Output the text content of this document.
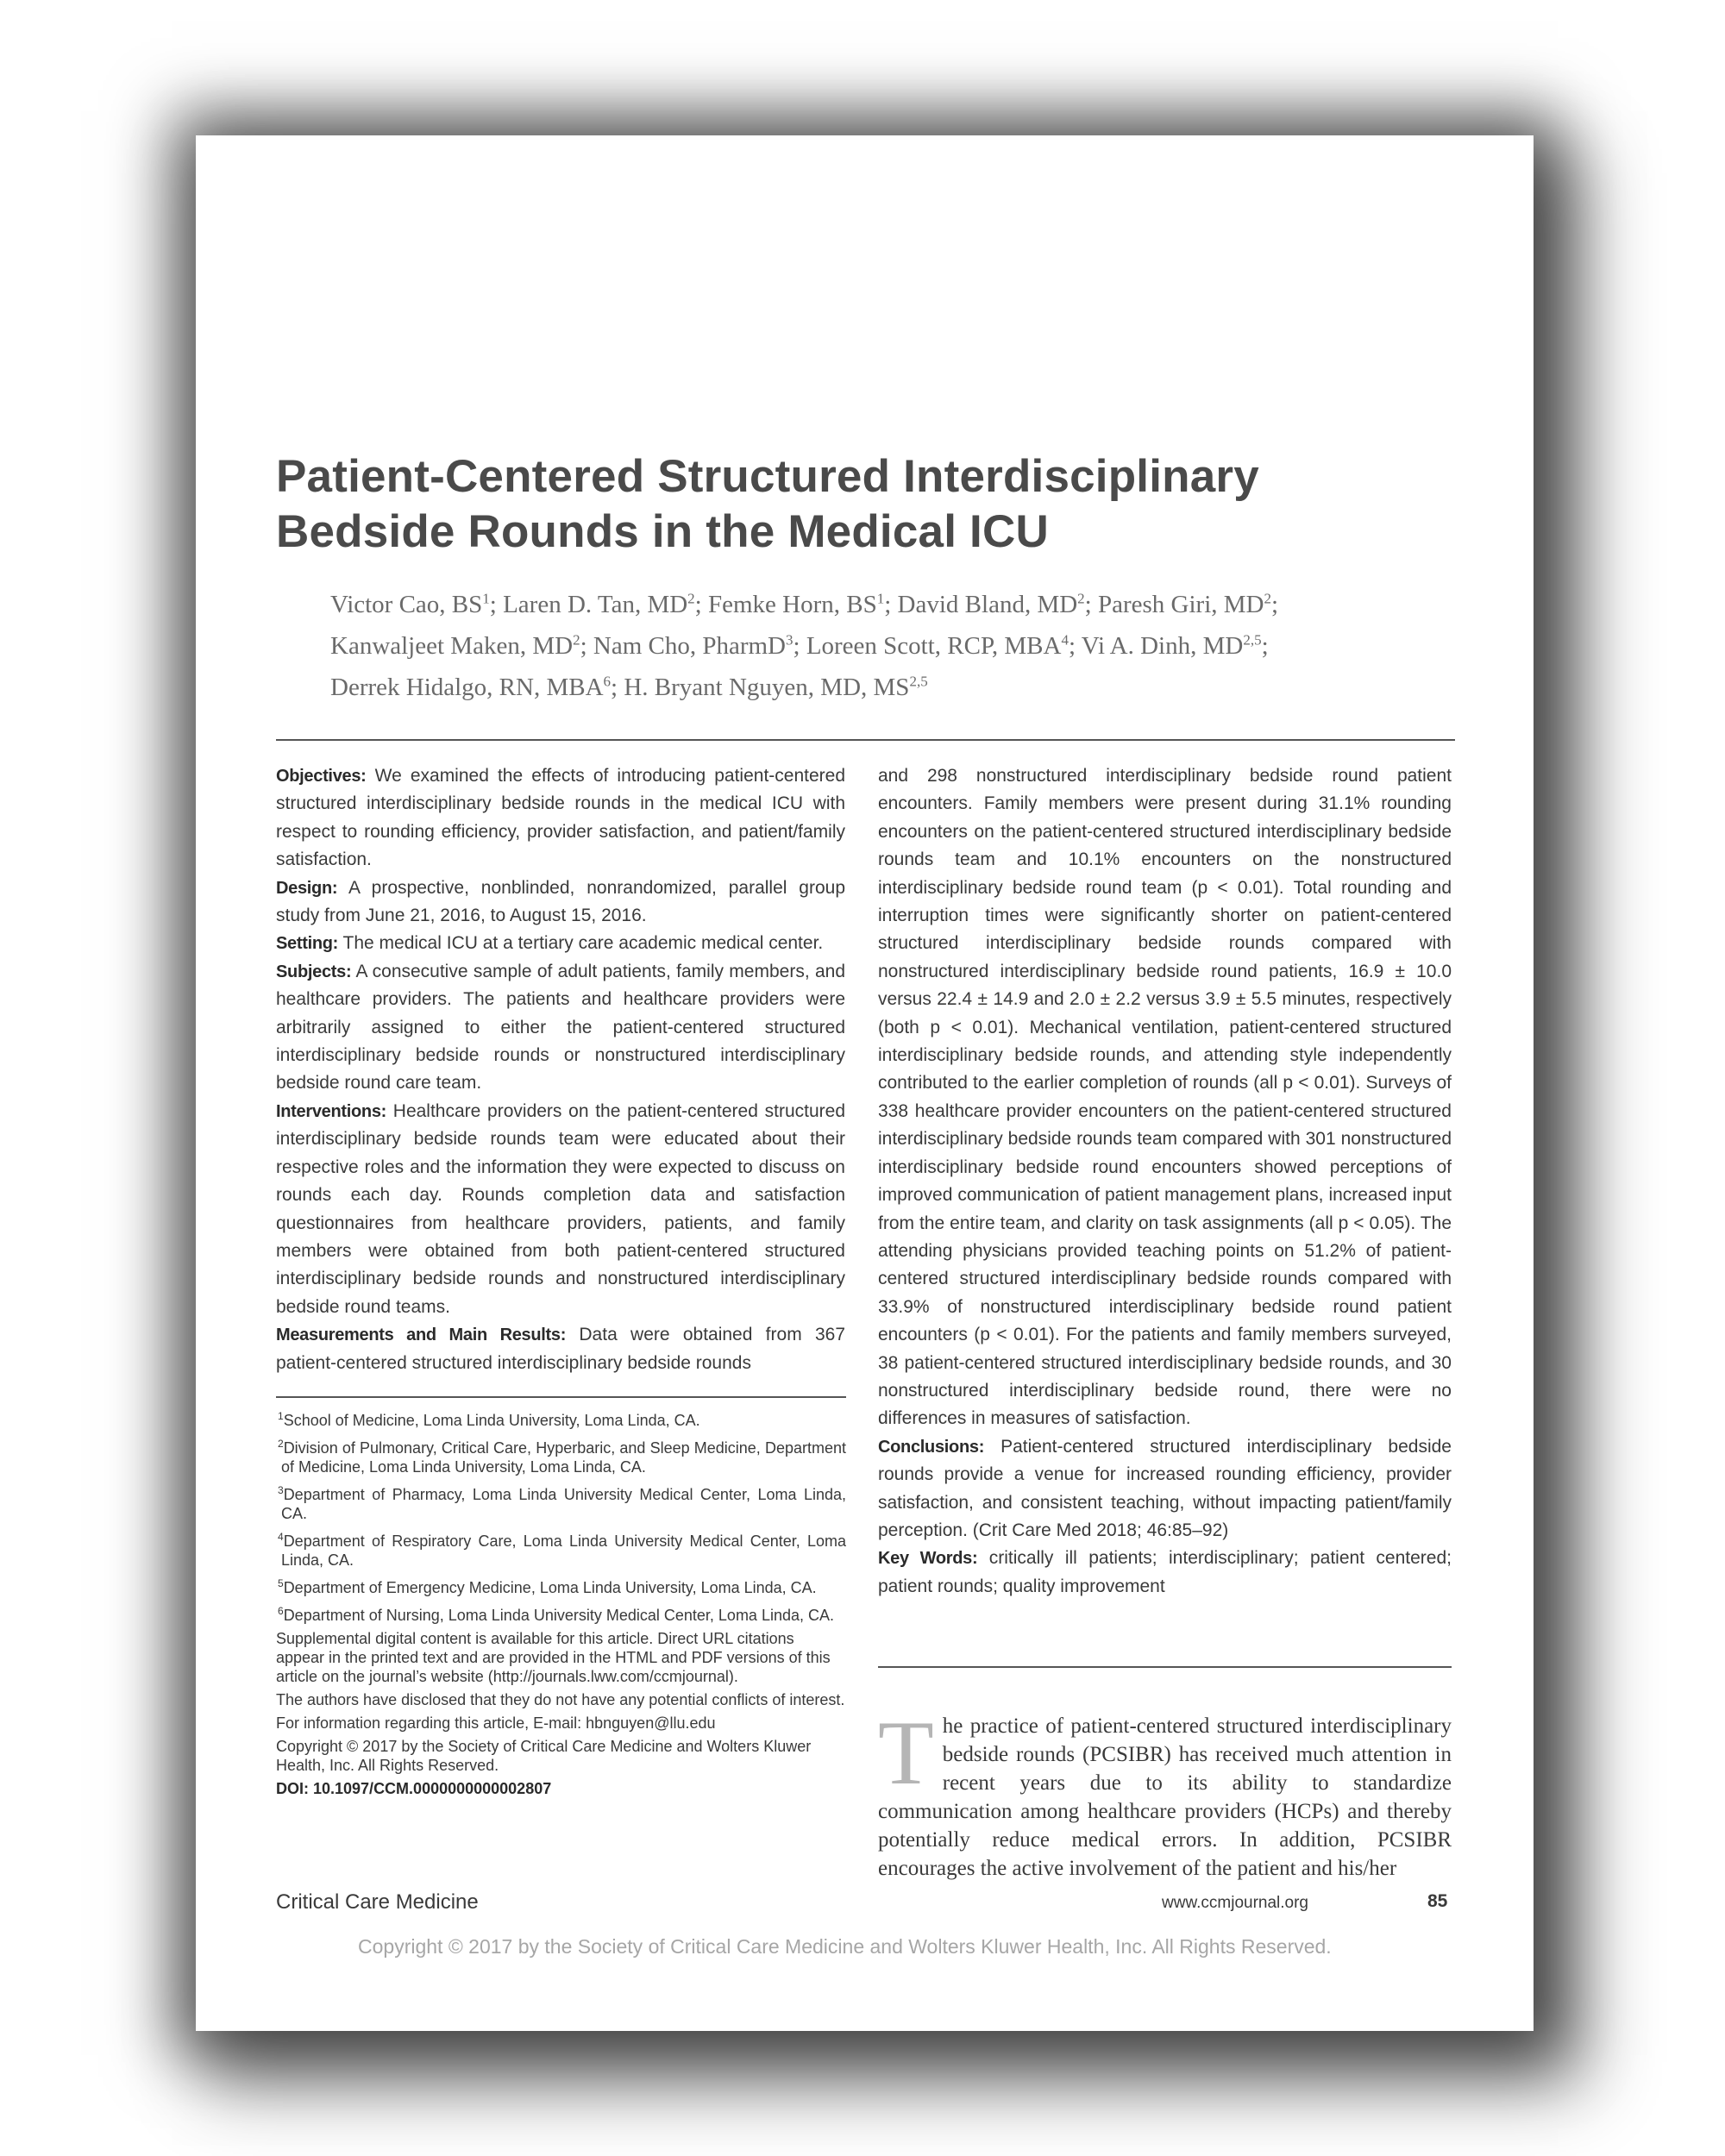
Patient-Centered Structured Interdisciplinary
Bedside Rounds in the Medical ICU
Victor Cao, $BS^1$; Laren D. Tan, $MD^2$; Femke Horn, $BS^1$; David Bland, $MD^2$; Paresh Giri, $MD^2$;
Kanwaljeet Maken, $MD^2$; Nam Cho, PharmD$^3$; Loreen Scott, RCP, MBA$^4$; Vi A. Dinh, MD$^{2,5}$;
Derrek Hidalgo, RN, MBA$^6$; H. Bryant Nguyen, MD, MS$^{2,5}$

Objectives: We examined the effects of introducing patient-centered structured interdisciplinary bedside rounds in the medical ICU with respect to rounding efficiency, provider satisfaction, and patient/family satisfaction.

Design: A prospective, nonblinded, nonrandomized, parallel group study from June 21, 2016, to August 15, 2016.

Setting: The medical ICU at a tertiary care academic medical center.

Subjects: A consecutive sample of adult patients, family members, and healthcare providers. The patients and healthcare providers were arbitrarily assigned to either the patient-centered structured interdisciplinary bedside rounds or nonstructured interdisciplinary bedside round care team.

Interventions: Healthcare providers on the patient-centered structured interdisciplinary bedside rounds team were educated about their respective roles and the information they were expected to discuss on rounds each day. Rounds completion data and satisfaction questionnaires from healthcare providers, patients, and family members were obtained from both patient-centered structured interdisciplinary bedside rounds and nonstructured interdisciplinary bedside round teams.

Measurements and Main Results: Data were obtained from 367 patient-centered structured interdisciplinary bedside rounds

$^1$School of Medicine, Loma Linda University, Loma Linda, CA.

$^2$Division of Pulmonary, Critical Care, Hyperbaric, and Sleep Medicine, Department of Medicine, Loma Linda University, Loma Linda, CA.

$^3$Department of Pharmacy, Loma Linda University Medical Center, Loma Linda, CA.

$^4$Department of Respiratory Care, Loma Linda University Medical Center, Loma Linda, CA.

$^5$Department of Emergency Medicine, Loma Linda University, Loma Linda, CA.

$^6$Department of Nursing, Loma Linda University Medical Center, Loma Linda, CA.

Supplemental digital content is available for this article. Direct URL citations appear in the printed text and are provided in the HTML and PDF versions of this article on the journal’s website (http://journals.lww.com/ccmjournal).

The authors have disclosed that they do not have any potential conflicts of interest.

For information regarding this article, E-mail: hbnguyen@llu.edu

Copyright © 2017 by the Society of Critical Care Medicine and Wolters Kluwer Health, Inc. All Rights Reserved.

DOI: 10.1097/CCM.0000000000002807

and 298 nonstructured interdisciplinary bedside round patient encounters. Family members were present during 31.1% rounding encounters on the patient-centered structured interdisciplinary bedside rounds team and 10.1% encounters on the nonstructured interdisciplinary bedside round team (p < 0.01). Total rounding and interruption times were significantly shorter on patient-centered structured interdisciplinary bedside rounds compared with nonstructured interdisciplinary bedside round patients, 16.9 ± 10.0 versus 22.4 ± 14.9 and 2.0 ± 2.2 versus 3.9 ± 5.5 minutes, respectively (both p < 0.01). Mechanical ventilation, patient-centered structured interdisciplinary bedside rounds, and attending style independently contributed to the earlier completion of rounds (all p < 0.01). Surveys of 338 healthcare provider encounters on the patient-centered structured interdisciplinary bedside rounds team compared with 301 nonstructured interdisciplinary bedside round encounters showed perceptions of improved communication of patient management plans, increased input from the entire team, and clarity on task assignments (all p < 0.05). The attending physicians provided teaching points on 51.2% of patient-centered structured interdisciplinary bedside rounds compared with 33.9% of nonstructured interdisciplinary bedside round patient encounters (p < 0.01). For the patients and family members surveyed, 38 patient-centered structured interdisciplinary bedside rounds, and 30 nonstructured interdisciplinary bedside round, there were no differences in measures of satisfaction.

Conclusions: Patient-centered structured interdisciplinary bedside rounds provide a venue for increased rounding efficiency, provider satisfaction, and consistent teaching, without impacting patient/family perception. (Crit Care Med 2018; 46:85–92)

Key Words: critically ill patients; interdisciplinary; patient centered; patient rounds; quality improvement

The practice of patient-centered structured interdisciplinary bedside rounds (PCSIBR) has received much attention in recent years due to its ability to standardize communication among healthcare providers (HCPs) and thereby potentially reduce medical errors. In addition, PCSIBR encourages the active involvement of the patient and his/her
Critical Care Medicine	www.ccmjournal.org	85
Copyright © 2017 by the Society of Critical Care Medicine and Wolters Kluwer Health, Inc. All Rights Reserved.
